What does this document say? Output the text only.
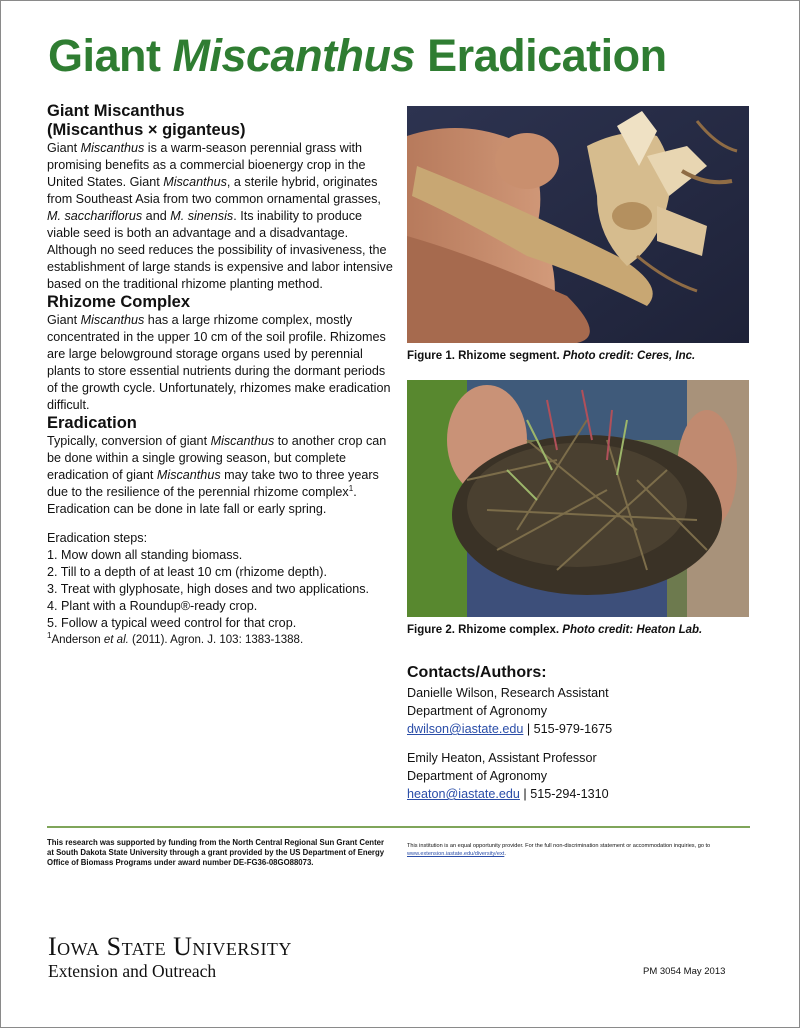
Giant Miscanthus Eradication
Giant Miscanthus
(Miscanthus × giganteus)

Giant Miscanthus is a warm-season perennial grass with promising benefits as a commercial bioenergy crop in the United States. Giant Miscanthus, a sterile hybrid, originates from Southeast Asia from two common ornamental grasses, M. sacchariflorus and M. sinensis. Its inability to produce viable seed is both an advantage and a disadvantage. Although no seed reduces the possibility of invasiveness, the establishment of large stands is expensive and labor intensive based on the traditional rhizome planting method.

Rhizome Complex

Giant Miscanthus has a large rhizome complex, mostly concentrated in the upper 10 cm of the soil profile. Rhizomes are large belowground storage organs used by perennial plants to store essential nutrients during the dormant periods of the growth cycle. Unfortunately, rhizomes make eradication difficult.

Eradication

Typically, conversion of giant Miscanthus to another crop can be done within a single growing season, but complete eradication of giant Miscanthus may take two to three years due to the resilience of the perennial rhizome complex$^1$. Eradication can be done in late fall or early spring.

Eradication steps:

1. Mow down all standing biomass.
2. Till to a depth of at least 10 cm (rhizome depth).
3. Treat with glyphosate, high doses and two applications.
4. Plant with a Roundup®-ready crop.
5. Follow a typical weed control for that crop.

$^1$Anderson et al. (2011). Agron. J. 103: 1383-1388.

Figure 1. Rhizome segment. Photo credit: Ceres, Inc.
Figure 2. Rhizome complex. Photo credit: Heaton Lab.
Contacts/Authors:
Danielle Wilson, Research Assistant
Department of Agronomy
dwilson@iastate.edu | 515-979-1675
Emily Heaton, Assistant Professor
Department of Agronomy
heaton@iastate.edu | 515-294-1310
This research was supported by funding from the North Central Regional Sun Grant Center at South Dakota State University through a grant provided by the US Department of Energy Office of Biomass Programs under award number DE-FG36-08GO88073.
This institution is an equal opportunity provider. For the full non-discrimination statement or accommodation inquiries, go to www.extension.iastate.edu/diversity/ext.
Iowa State University
Extension and Outreach	PM 3054 May 2013
